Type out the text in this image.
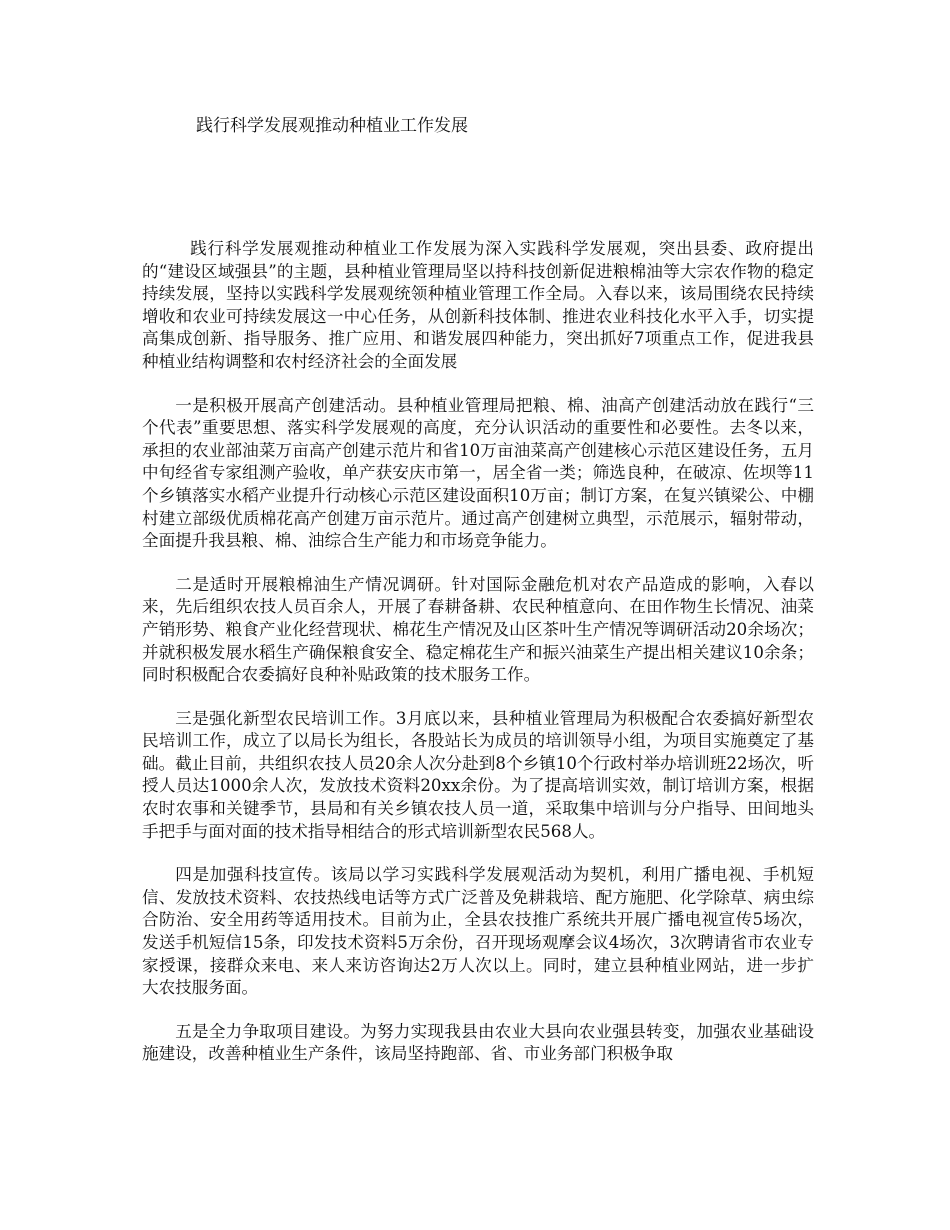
践行科学发展观推动种植业工作发展

践行科学发展观推动种植业工作发展为深入实践科学发展观，突出县委、政府提出的“建设区域强县”的主题，县种植业管理局坚以持科技创新促进粮棉油等大宗农作物的稳定持续发展，坚持以实践科学发展观统领种植业管理工作全局。入春以来，该局围绕农民持续增收和农业可持续发展这一中心任务，从创新科技体制、推进农业科技化水平入手，切实提高集成创新、指导服务、推广应用、和谐发展四种能力，突出抓好7项重点工作，促进我县种植业结构调整和农村经济社会的全面发展

一是积极开展高产创建活动。县种植业管理局把粮、棉、油高产创建活动放在践行“三个代表”重要思想、落实科学发展观的高度，充分认识活动的重要性和必要性。去冬以来，承担的农业部油菜万亩高产创建示范片和省10万亩油菜高产创建核心示范区建设任务，五月中旬经省专家组测产验收，单产获安庆市第一，居全省一类；筛选良种，在破凉、佐坝等11个乡镇落实水稻产业提升行动核心示范区建设面积10万亩；制订方案，在复兴镇梁公、中棚村建立部级优质棉花高产创建万亩示范片。通过高产创建树立典型，示范展示，辐射带动，全面提升我县粮、棉、油综合生产能力和市场竞争能力。

二是适时开展粮棉油生产情况调研。针对国际金融危机对农产品造成的影响，入春以来，先后组织农技人员百余人，开展了春耕备耕、农民种植意向、在田作物生长情况、油菜产销形势、粮食产业化经营现状、棉花生产情况及山区茶叶生产情况等调研活动20余场次；并就积极发展水稻生产确保粮食安全、稳定棉花生产和振兴油菜生产提出相关建议10余条；同时积极配合农委搞好良种补贴政策的技术服务工作。

三是强化新型农民培训工作。3月底以来，县种植业管理局为积极配合农委搞好新型农民培训工作，成立了以局长为组长，各股站长为成员的培训领导小组，为项目实施奠定了基础。截止目前，共组织农技人员20余人次分赴到8个乡镇10个行政村举办培训班22场次，听授人员达1000余人次，发放技术资料20xx余份。为了提高培训实效，制订培训方案，根据农时农事和关键季节，县局和有关乡镇农技人员一道，采取集中培训与分户指导、田间地头手把手与面对面的技术指导相结合的形式培训新型农民568人。

四是加强科技宣传。该局以学习实践科学发展观活动为契机，利用广播电视、手机短信、发放技术资料、农技热线电话等方式广泛普及免耕栽培、配方施肥、化学除草、病虫综合防治、安全用药等适用技术。目前为止，全县农技推广系统共开展广播电视宣传5场次，发送手机短信15条，印发技术资料5万余份，召开现场观摩会议4场次，3次聘请省市农业专家授课，接群众来电、来人来访咨询达2万人次以上。同时，建立县种植业网站，进一步扩大农技服务面。

五是全力争取项目建设。为努力实现我县由农业大县向农业强县转变，加强农业基础设施建设，改善种植业生产条件，该局坚持跑部、省、市业务部门积极争取
